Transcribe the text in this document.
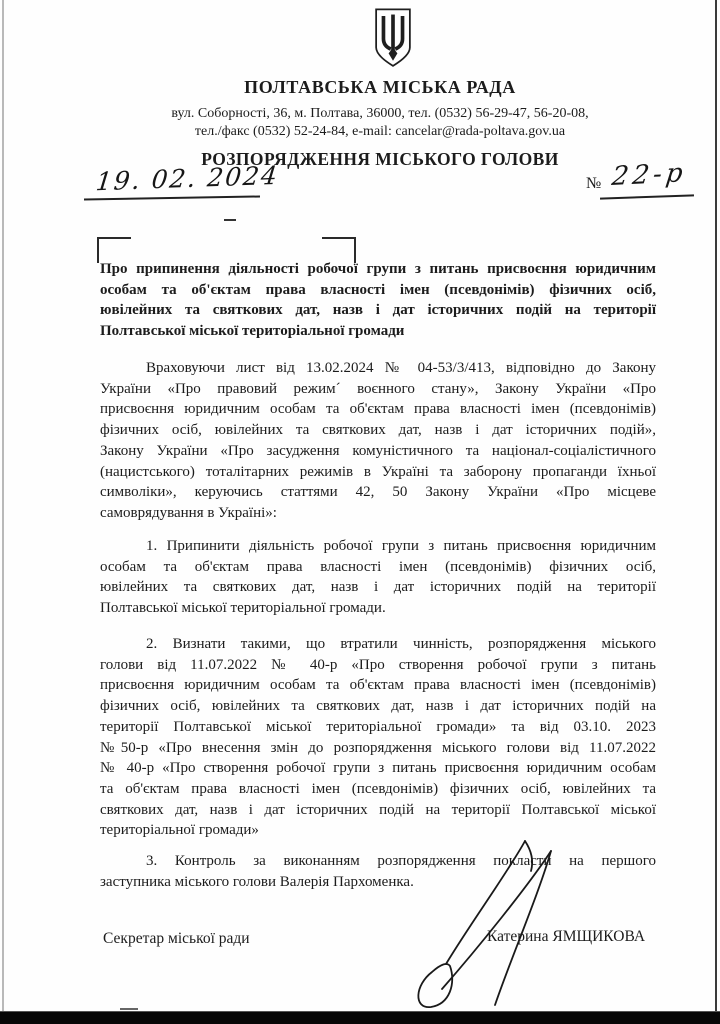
ПОЛТАВСЬКА МІСЬКА РАДА
вул. Соборності, 36, м. Полтава, 36000, тел. (0532) 56-29-47, 56-20-08,
тел./факс (0532) 52-24-84, e-mail: cancelar@rada-poltava.gov.ua
РОЗПОРЯДЖЕННЯ МІСЬКОГО ГОЛОВИ
19. 02. 2024	№ 22-р
Про припинення діяльності робочої групи з питань присвоєння юридичним
особам та об'єктам права власності імен (псевдонімів) фізичних осіб,
ювілейних та святкових дат, назв і дат історичних подій на території
Полтавської міської територіальної громади
Враховуючи лист від 13.02.2024 № 04-53/3/413, відповідно до Закону
України «Про правовий режим´ воєнного стану», Закону України «Про
присвоєння юридичним особам та об'єктам права власності імен (псевдонімів)
фізичних осіб, ювілейних та святкових дат, назв і дат історичних подій»,
Закону України «Про засудження комуністичного та націонал-соціалістичного
(нацистського) тоталітарних режимів в Україні та заборону пропаганди їхньої
символіки», керуючись статтями 42, 50 Закону України «Про місцеве
самоврядування в Україні»:
1. Припинити діяльність робочої групи з питань присвоєння юридичним
особам та об'єктам права власності імен (псевдонімів) фізичних осіб,
ювілейних та святкових дат, назв і дат історичних подій на території
Полтавської міської територіальної громади.
2. Визнати такими, що втратили чинність, розпорядження міського
голови від 11.07.2022 № 40-р «Про створення робочої групи з питань
присвоєння юридичним особам та об'єктам права власності імен (псевдонімів)
фізичних осіб, ювілейних та святкових дат, назв і дат історичних подій на
території Полтавської міської територіальної громади» та від 03.10. 2023
№50-р «Про внесення змін до розпорядження міського голови від 11.07.2022
№ 40-р «Про створення робочої групи з питань присвоєння юридичним особам
та об'єктам права власності імен (псевдонімів) фізичних осіб, ювілейних та
святкових дат, назв і дат історичних подій на території Полтавської міської
територіальної громади»
3. Контроль за виконанням розпорядження покласти на першого
заступника міського голови Валерія Пархоменка.
Секретар міської ради	Катерина ЯМЩИКОВА
